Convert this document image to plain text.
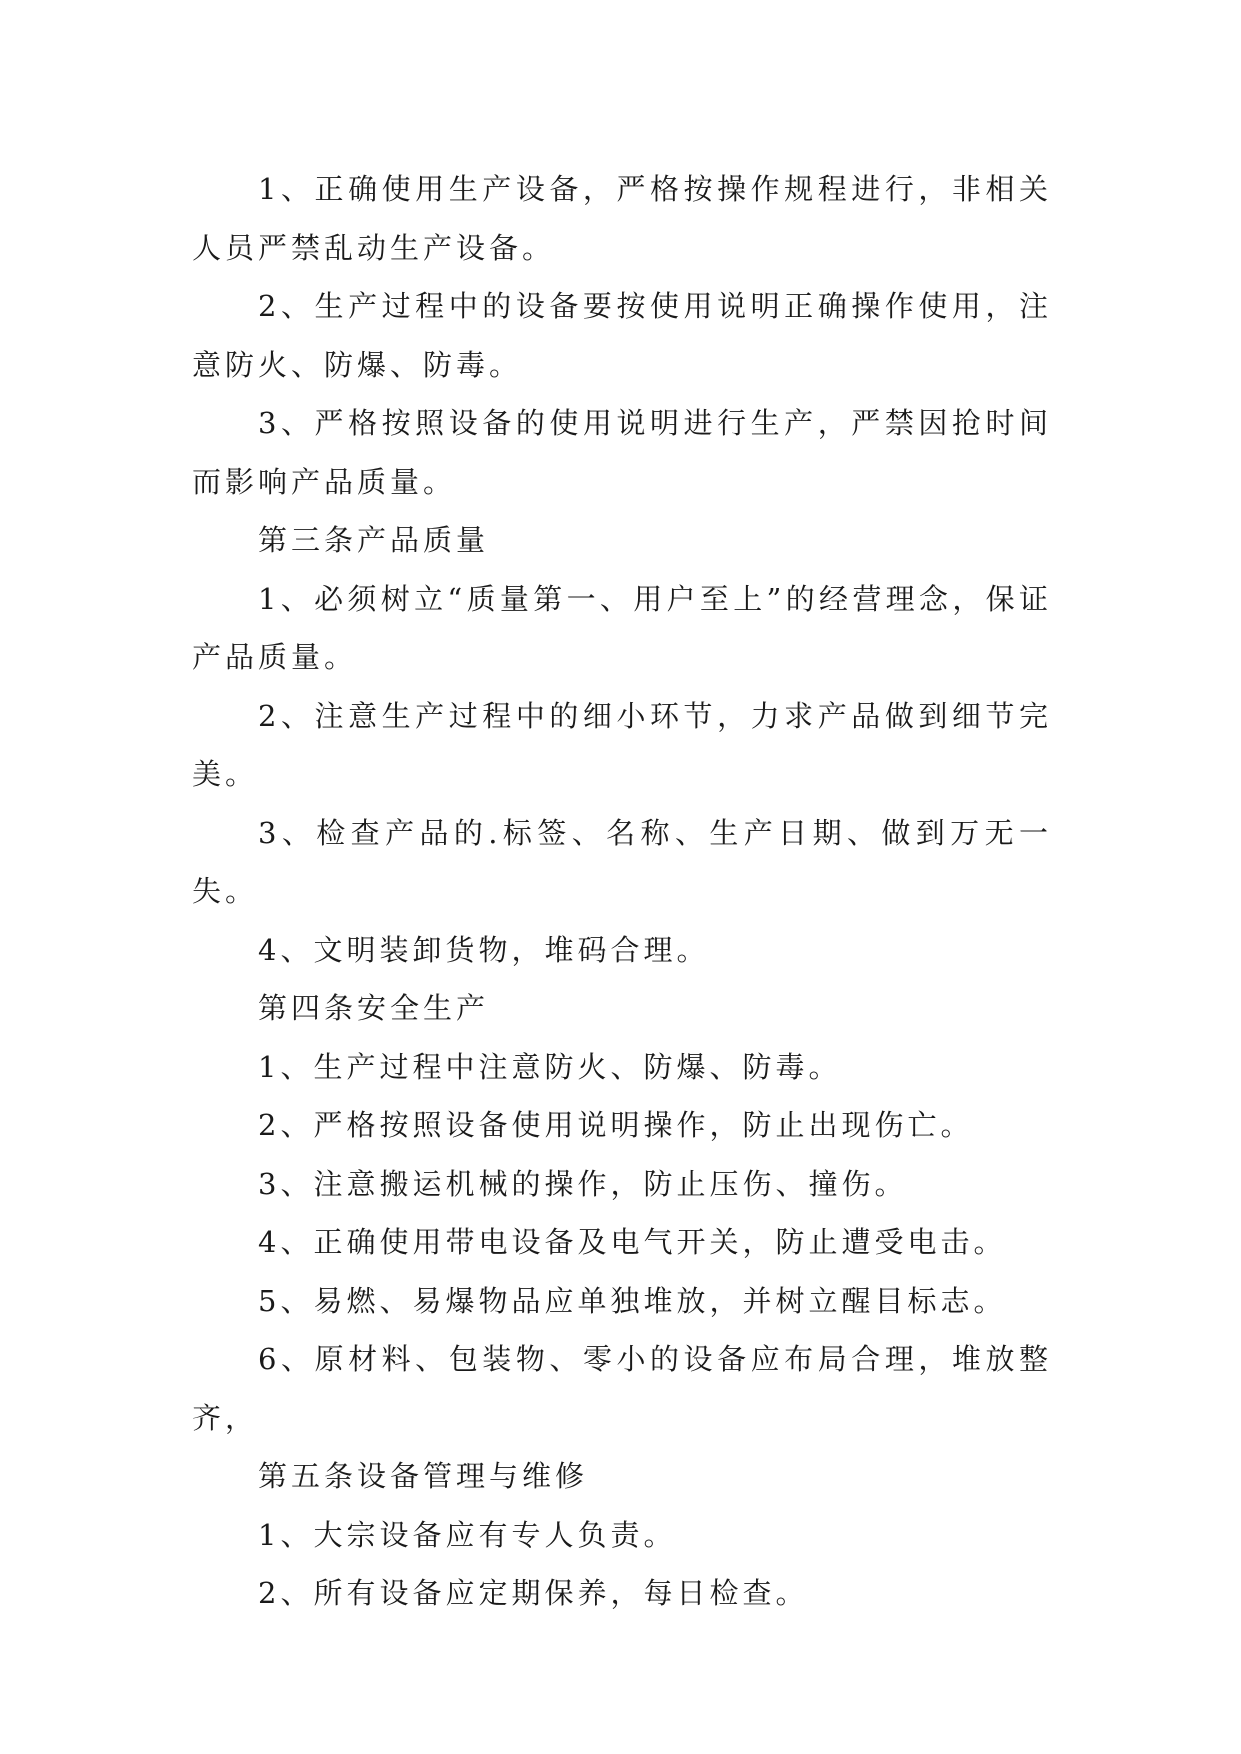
1、正确使用生产设备，严格按操作规程进行，非相关人员严禁乱动生产设备。

2、生产过程中的设备要按使用说明正确操作使用，注意防火、防爆、防毒。

3、严格按照设备的使用说明进行生产，严禁因抢时间而影响产品质量。

第三条产品质量

1、必须树立“质量第一、用户至上”的经营理念，保证产品质量。

2、注意生产过程中的细小环节，力求产品做到细节完美。

3、检查产品的.标签、名称、生产日期、做到万无一失。

4、文明装卸货物，堆码合理。

第四条安全生产

1、生产过程中注意防火、防爆、防毒。

2、严格按照设备使用说明操作，防止出现伤亡。

3、注意搬运机械的操作，防止压伤、撞伤。

4、正确使用带电设备及电气开关，防止遭受电击。

5、易燃、易爆物品应单独堆放，并树立醒目标志。

6、原材料、包装物、零小的设备应布局合理，堆放整齐，

第五条设备管理与维修

1、大宗设备应有专人负责。

2、所有设备应定期保养，每日检查。
